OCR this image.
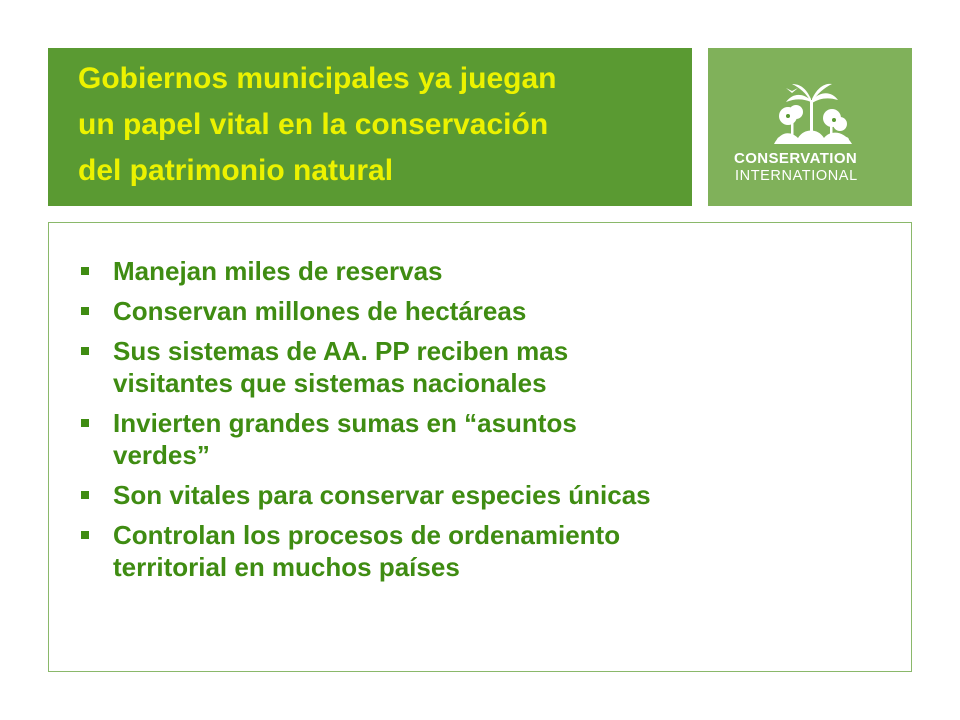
Gobiernos municipales ya juegan
un papel vital en la conservación
del patrimonio natural	CONSERVATION

INTERNATIONAL

Manejan miles de reservas
Conservan millones de hectáreas
Sus sistemas de AA. PP reciben mas
visitantes que sistemas nacionales
Invierten grandes sumas en “asuntos
verdes”
Son vitales para conservar especies únicas
Controlan los procesos de ordenamiento
territorial en muchos países
